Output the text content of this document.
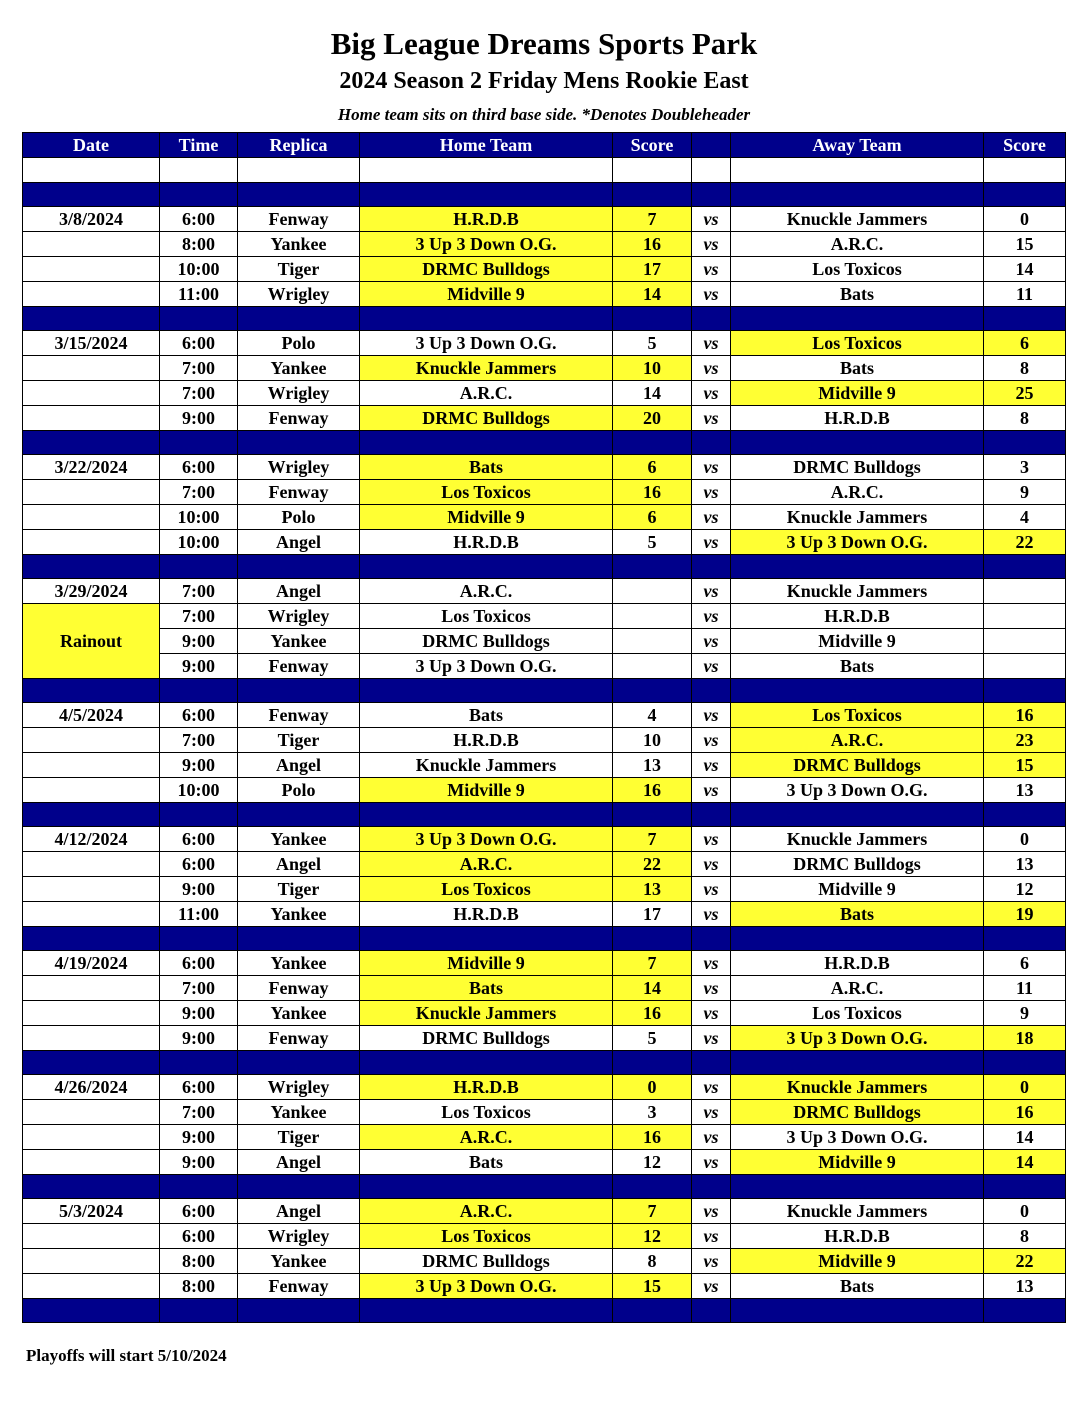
Big League Dreams Sports Park
2024 Season 2 Friday Mens Rookie East
Home team sits on third base side. *Denotes Doubleheader
Date	Time	Replica	Home Team	Score		Away Team	Score

3/8/2024	6:00	Fenway	H.R.D.B	7	vs	Knuckle Jammers	0
	8:00	Yankee	3 Up 3 Down O.G.	16	vs	A.R.C.	15
	10:00	Tiger	DRMC Bulldogs	17	vs	Los Toxicos	14
	11:00	Wrigley	Midville 9	14	vs	Bats	11

3/15/2024	6:00	Polo	3 Up 3 Down O.G.	5	vs	Los Toxicos	6
	7:00	Yankee	Knuckle Jammers	10	vs	Bats	8
	7:00	Wrigley	A.R.C.	14	vs	Midville 9	25
	9:00	Fenway	DRMC Bulldogs	20	vs	H.R.D.B	8

3/22/2024	6:00	Wrigley	Bats	6	vs	DRMC Bulldogs	3
	7:00	Fenway	Los Toxicos	16	vs	A.R.C.	9
	10:00	Polo	Midville 9	6	vs	Knuckle Jammers	4
	10:00	Angel	H.R.D.B	5	vs	3 Up 3 Down O.G.	22

3/29/2024	7:00	Angel	A.R.C.		vs	Knuckle Jammers	
Rainout	7:00	Wrigley	Los Toxicos		vs	H.R.D.B	
	9:00	Yankee	DRMC Bulldogs		vs	Midville 9	
	9:00	Fenway	3 Up 3 Down O.G.		vs	Bats	

4/5/2024	6:00	Fenway	Bats	4	vs	Los Toxicos	16
	7:00	Tiger	H.R.D.B	10	vs	A.R.C.	23
	9:00	Angel	Knuckle Jammers	13	vs	DRMC Bulldogs	15
	10:00	Polo	Midville 9	16	vs	3 Up 3 Down O.G.	13

4/12/2024	6:00	Yankee	3 Up 3 Down O.G.	7	vs	Knuckle Jammers	0
	6:00	Angel	A.R.C.	22	vs	DRMC Bulldogs	13
	9:00	Tiger	Los Toxicos	13	vs	Midville 9	12
	11:00	Yankee	H.R.D.B	17	vs	Bats	19

4/19/2024	6:00	Yankee	Midville 9	7	vs	H.R.D.B	6
	7:00	Fenway	Bats	14	vs	A.R.C.	11
	9:00	Yankee	Knuckle Jammers	16	vs	Los Toxicos	9
	9:00	Fenway	DRMC Bulldogs	5	vs	3 Up 3 Down O.G.	18

4/26/2024	6:00	Wrigley	H.R.D.B	0	vs	Knuckle Jammers	0
	7:00	Yankee	Los Toxicos	3	vs	DRMC Bulldogs	16
	9:00	Tiger	A.R.C.	16	vs	3 Up 3 Down O.G.	14
	9:00	Angel	Bats	12	vs	Midville 9	14

5/3/2024	6:00	Angel	A.R.C.	7	vs	Knuckle Jammers	0
	6:00	Wrigley	Los Toxicos	12	vs	H.R.D.B	8
	8:00	Yankee	DRMC Bulldogs	8	vs	Midville 9	22
	8:00	Fenway	3 Up 3 Down O.G.	15	vs	Bats	13

Playoffs will start 5/10/2024
